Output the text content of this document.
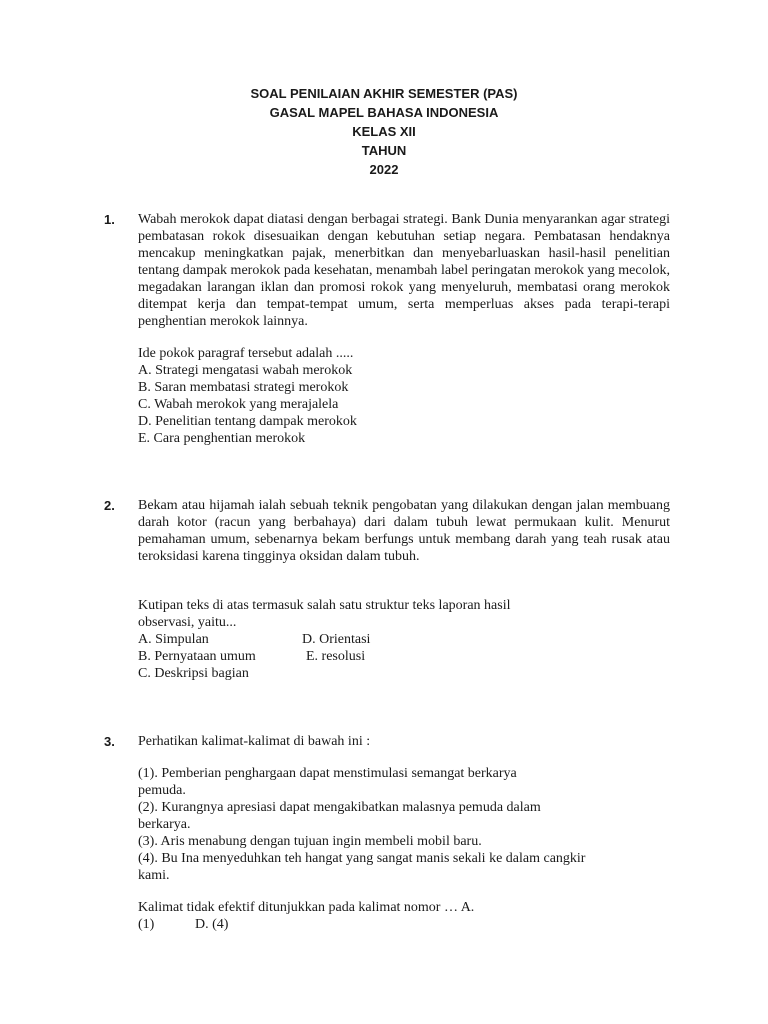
SOAL PENILAIAN AKHIR SEMESTER (PAS)
GASAL MAPEL BAHASA INDONESIA
KELAS XII
TAHUN
2022
1. Wabah merokok dapat diatasi dengan berbagai strategi. Bank Dunia menyarankan agar strategi pembatasan rokok disesuaikan dengan kebutuhan setiap negara. Pembatasan hendaknya mencakup meningkatkan pajak, menerbitkan dan menyebarluaskan hasil-hasil penelitian tentang dampak merokok pada kesehatan, menambah label peringatan merokok yang mecolok, megadakan larangan iklan dan promosi rokok yang menyeluruh, membatasi orang merokok ditempat kerja dan tempat-tempat umum, serta memperluas akses pada terapi-terapi penghentian merokok lainnya.
Ide pokok paragraf tersebut adalah .....
A. Strategi mengatasi wabah merokok
B. Saran membatasi strategi merokok
C. Wabah merokok yang merajalela
D. Penelitian tentang dampak merokok
E. Cara penghentian merokok
2. Bekam atau hijamah ialah sebuah teknik pengobatan yang dilakukan dengan jalan membuang darah kotor (racun yang berbahaya) dari dalam tubuh lewat permukaan kulit. Menurut pemahaman umum, sebenarnya bekam berfungs untuk membang darah yang teah rusak atau teroksidasi karena tingginya oksidan dalam tubuh.
Kutipan teks di atas termasuk salah satu struktur teks laporan hasil
observasi, yaitu...
A. Simpulan
B. Pernyataan umum
C. Deskripsi bagian
D. Orientasi
E. resolusi
3. Perhatikan kalimat-kalimat di bawah ini :
(1). Pemberian penghargaan dapat menstimulasi semangat berkarya
pemuda.
(2). Kurangnya apresiasi dapat mengakibatkan malasnya pemuda dalam
berkarya.
(3). Aris menabung dengan tujuan ingin membeli mobil baru.
(4). Bu Ina menyeduhkan teh hangat yang sangat manis sekali ke dalam cangkir
kami.
Kalimat tidak efektif ditunjukkan pada kalimat nomor … A.
(1)	D. (4)
